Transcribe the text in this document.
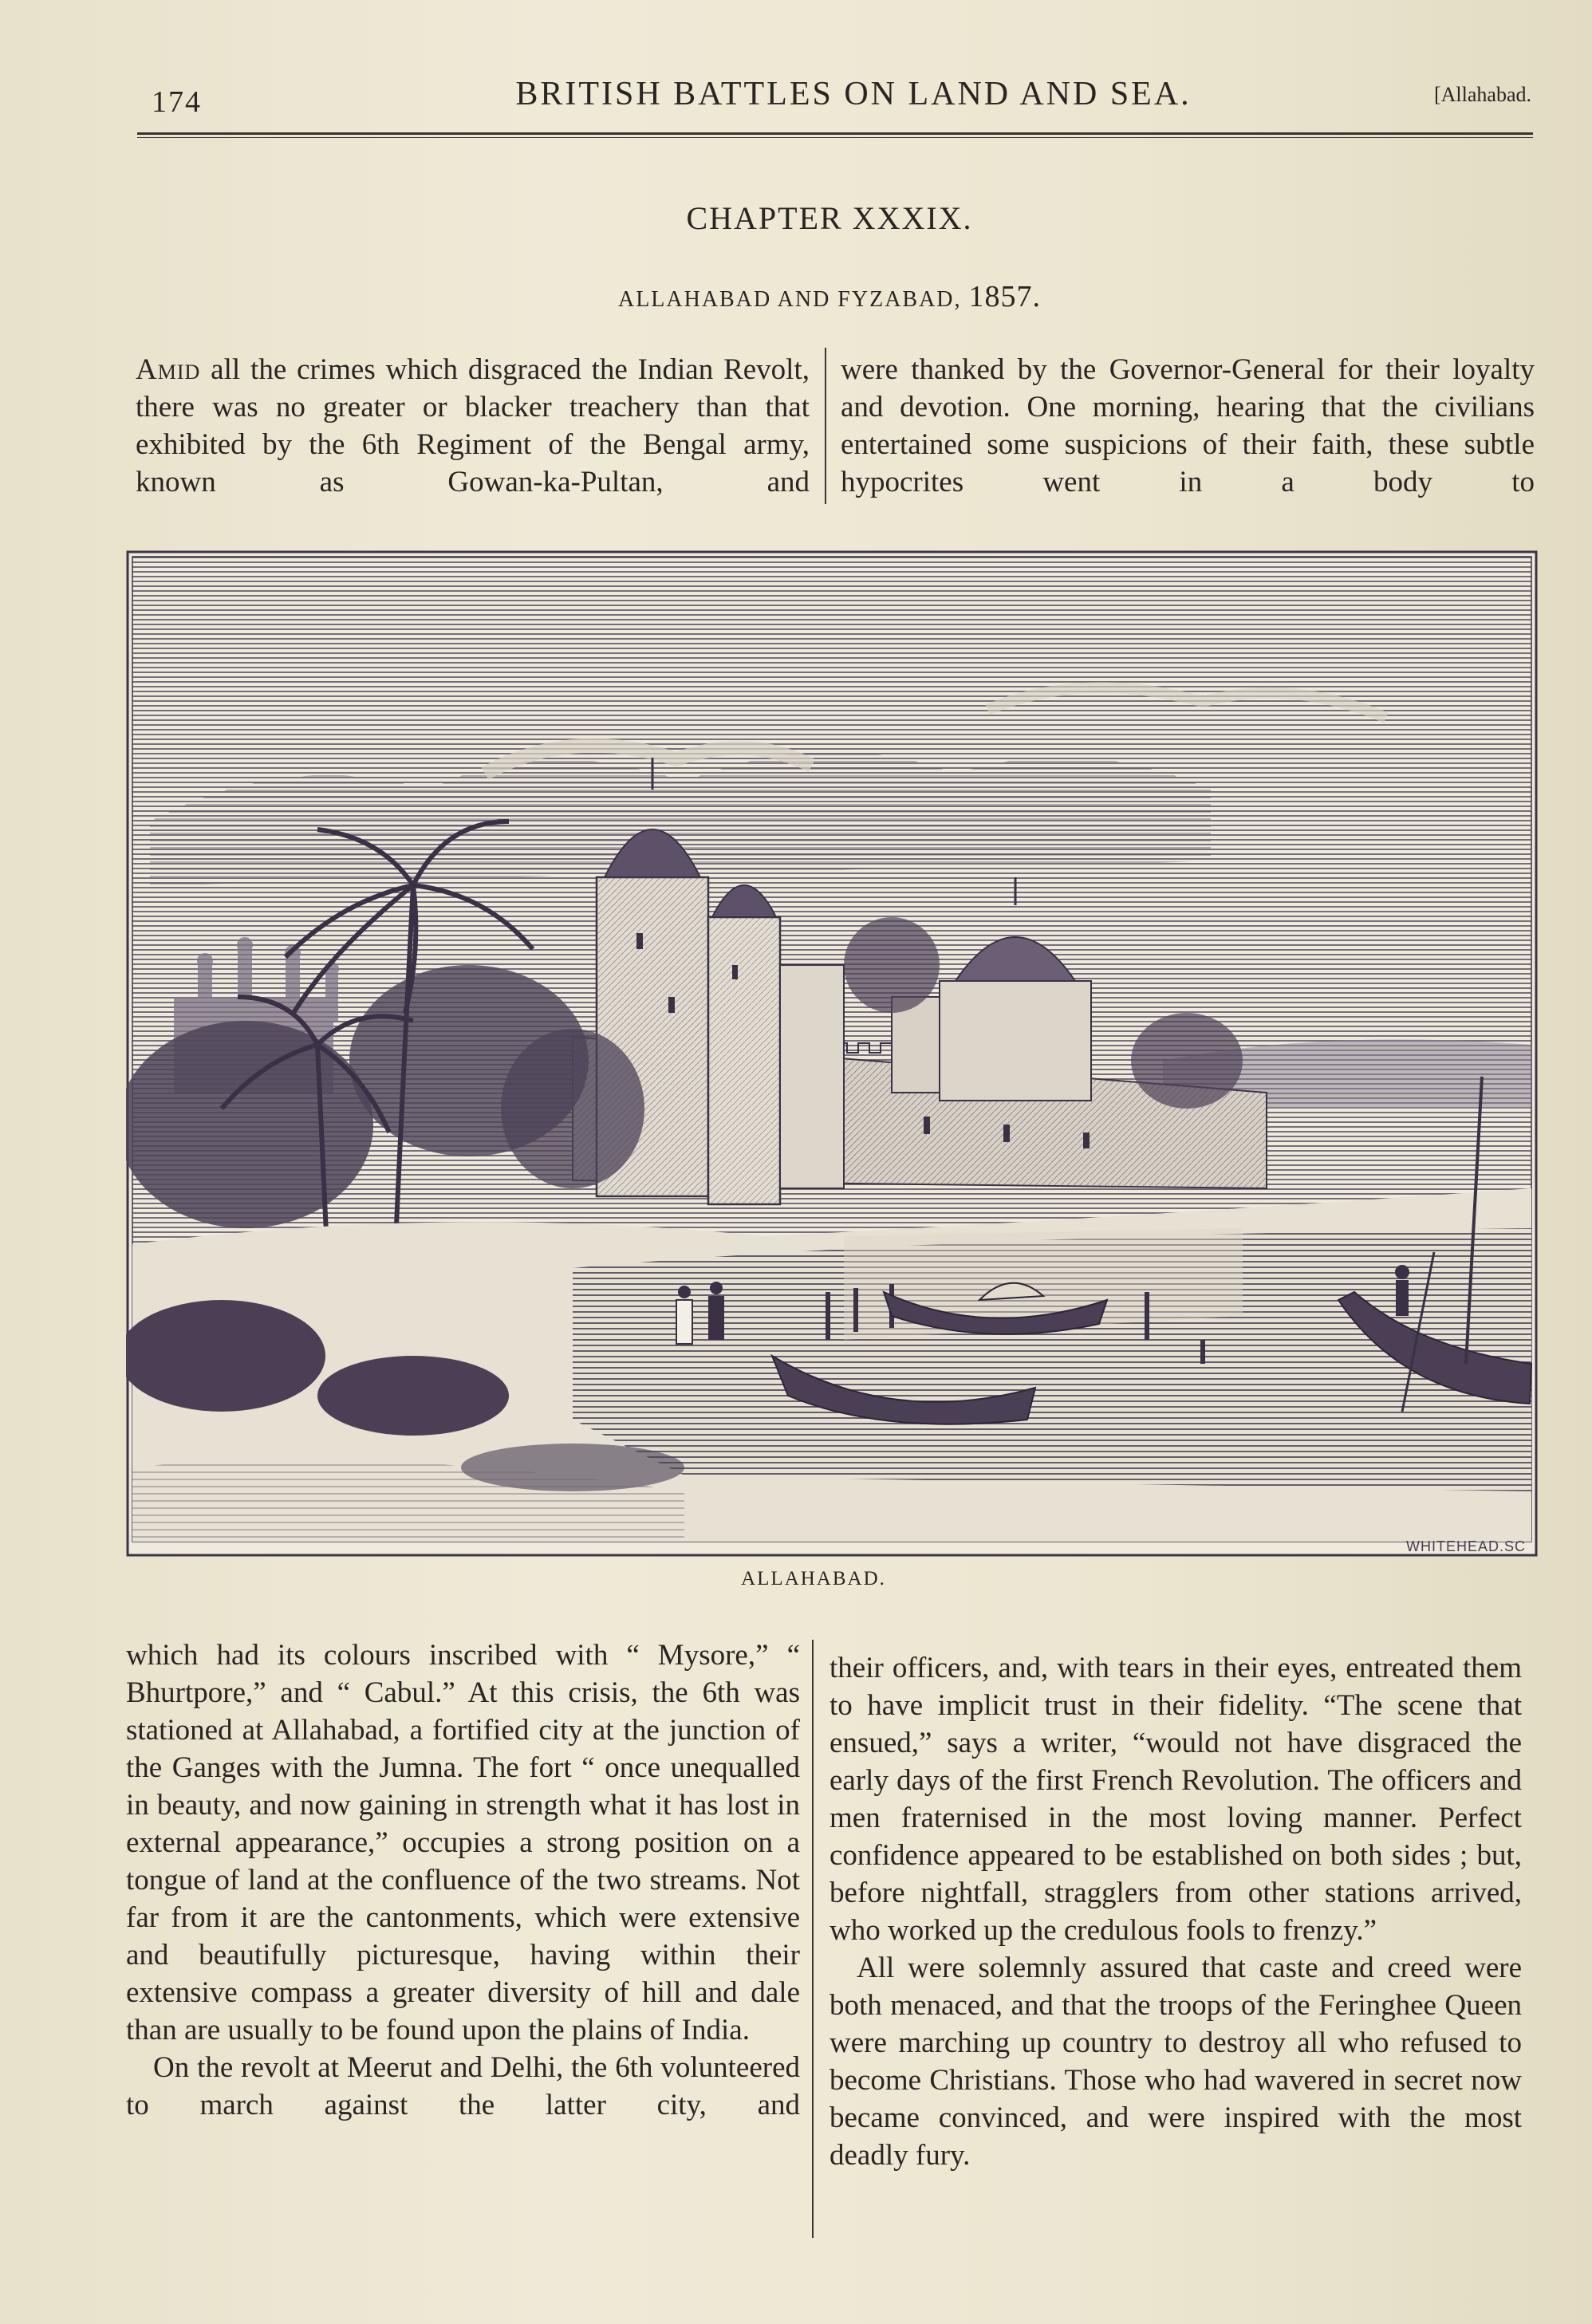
174	BRITISH BATTLES ON LAND AND SEA.	[Allahabad.
CHAPTER XXXIX.
ALLAHABAD AND FYZABAD, 1857.

Amid all the crimes which disgraced the Indian Revolt, there was no greater or blacker treachery than that exhibited by the 6th Regiment of the Bengal army, known as Gowan-ka-Pultan, and

were thanked by the Governor-General for their loyalty and devotion. One morning, hearing that the civilians entertained some suspicions of their faith, these subtle hypocrites went in a body to

WHITEHEAD.SC
ALLAHABAD.

which had its colours inscribed with “ Mysore,” “ Bhurtpore,” and “ Cabul.” At this crisis, the 6th was stationed at Allahabad, a fortified city at the junction of the Ganges with the Jumna. The fort “ once unequalled in beauty, and now gaining in strength what it has lost in external appearance,” occupies a strong position on a tongue of land at the confluence of the two streams. Not far from it are the cantonments, which were extensive and beautifully picturesque, having within their extensive compass a greater diversity of hill and dale than are usually to be found upon the plains of India.

On the revolt at Meerut and Delhi, the 6th volunteered to march against the latter city, and

their officers, and, with tears in their eyes, entreated them to have implicit trust in their fidelity. “The scene that ensued,” says a writer, “would not have disgraced the early days of the first French Revolution. The officers and men fraternised in the most loving manner. Perfect confidence appeared to be established on both sides ; but, before nightfall, stragglers from other stations arrived, who worked up the credulous fools to frenzy.”

All were solemnly assured that caste and creed were both menaced, and that the troops of the Feringhee Queen were marching up country to destroy all who refused to become Christians. Those who had wavered in secret now became convinced, and were inspired with the most deadly fury.
